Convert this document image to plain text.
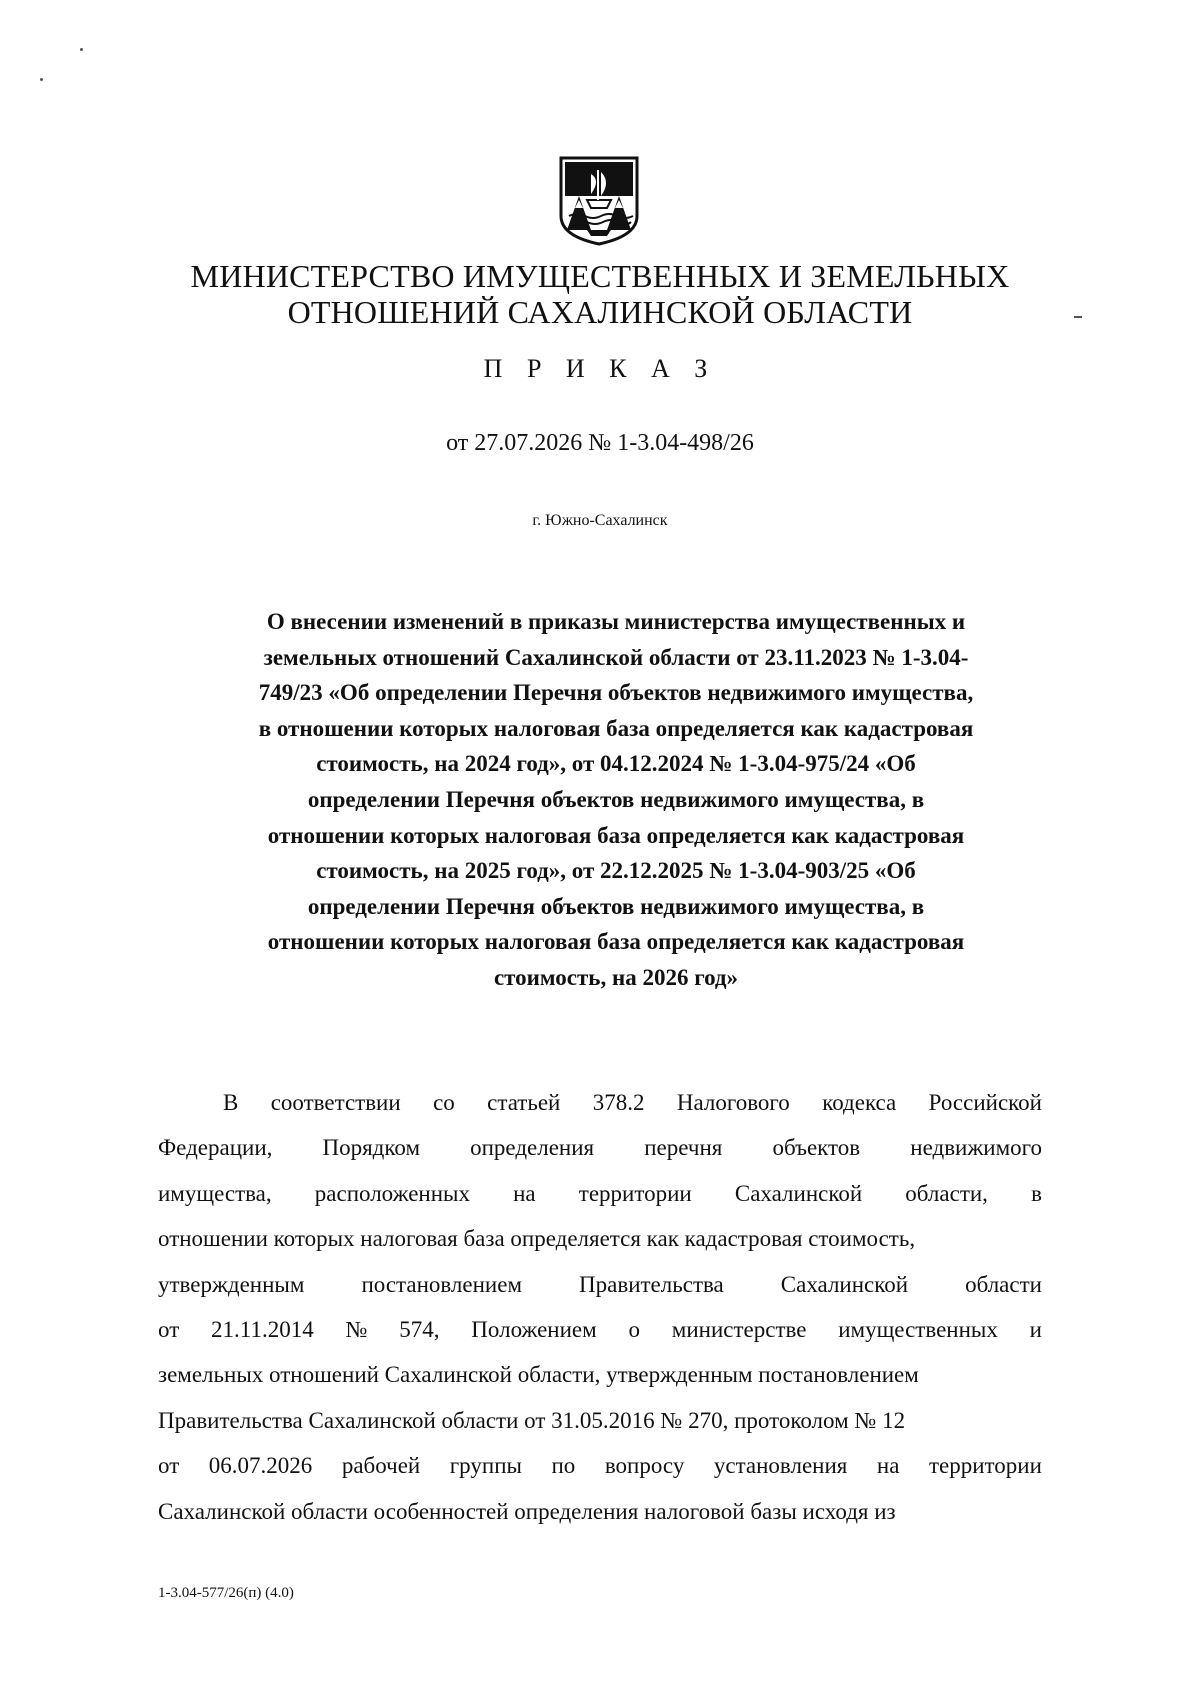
МИНИСТЕРСТВО ИМУЩЕСТВЕННЫХ И ЗЕМЕЛЬНЫХ
ОТНОШЕНИЙ САХАЛИНСКОЙ ОБЛАСТИ
П Р И К А З
от 27.07.2026 № 1-3.04-498/26
г. Южно-Сахалинск
О внесении изменений в приказы министерства имущественных и
земельных отношений Сахалинской области от 23.11.2023 № 1-3.04-
749/23 «Об определении Перечня объектов недвижимого имущества,
в отношении которых налоговая база определяется как кадастровая
стоимость, на 2024 год», от 04.12.2024 № 1-3.04-975/24 «Об
определении Перечня объектов недвижимого имущества, в
отношении которых налоговая база определяется как кадастровая
стоимость, на 2025 год», от 22.12.2025 № 1-3.04-903/25 «Об
определении Перечня объектов недвижимого имущества, в
отношении которых налоговая база определяется как кадастровая
стоимость, на 2026 год»
В соответствии со статьей 378.2 Налогового кодекса Российской
Федерации, Порядком определения перечня объектов недвижимого
имущества, расположенных на территории Сахалинской области, в
отношении которых налоговая база определяется как кадастровая стоимость,
утвержденным постановлением Правительства Сахалинской области
от 21.11.2014 № 574, Положением о министерстве имущественных и
земельных отношений Сахалинской области, утвержденным постановлением
Правительства Сахалинской области от 31.05.2016 № 270, протоколом № 12
от 06.07.2026 рабочей группы по вопросу установления на территории
Сахалинской области особенностей определения налоговой базы исходя из
1-3.04-577/26(п) (4.0)
